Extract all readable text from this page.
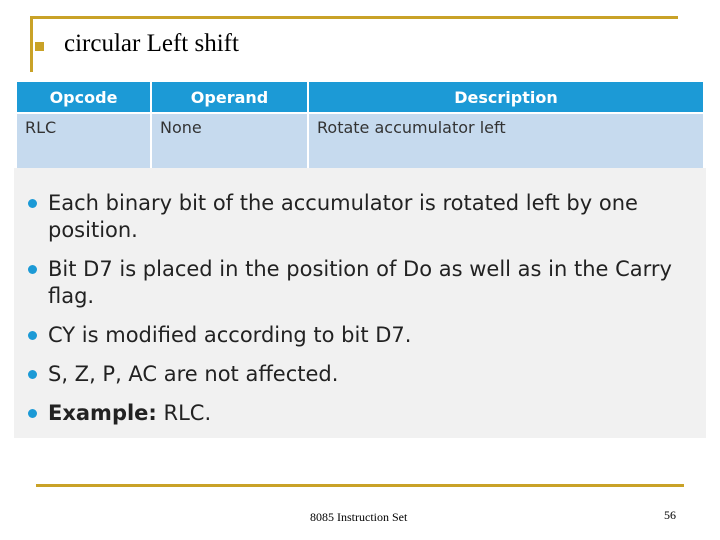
circular Left shift
Opcode	Operand	Description
RLC	None	Rotate accumulator left
Each binary bit of the accumulator is rotated left by one position.
Bit D7 is placed in the position of Do as well as in the Carry flag.
CY is modified according to bit D7.
S, Z, P, AC are not affected.
Example: RLC.
8085 Instruction Set	56
